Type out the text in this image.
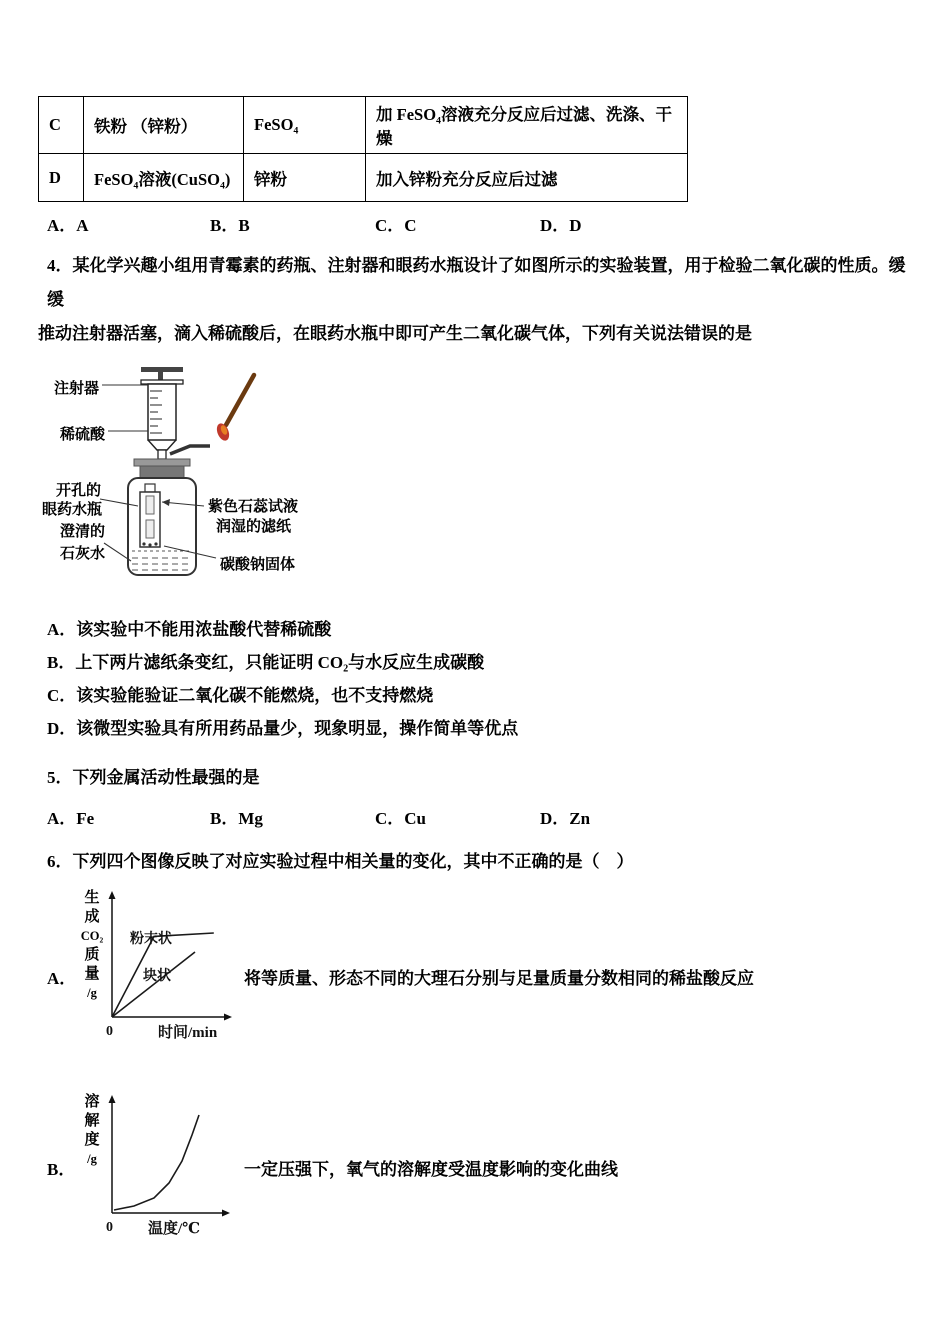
C	铁粉 （锌粉）	FeSO₄	加 FeSO₄溶液充分反应后过滤、洗涤、干燥
D	FeSO₄溶液(CuSO₄)	锌粉	加入锌粉充分反应后过滤
A．A	B．B	C．C	D．D
4．某化学兴趣小组用青霉素的药瓶、注射器和眼药水瓶设计了如图所示的实验装置，用于检验二氧化碳的性质。缓缓
推动注射器活塞，滴入稀硫酸后，在眼药水瓶中即可产生二氧化碳气体，下列有关说法错误的是
注射器
稀硫酸
开孔的
眼药水瓶
澄清的
石灰水
紫色石蕊试液
润湿的滤纸
碳酸钠固体
A．该实验中不能用浓盐酸代替稀硫酸
B．上下两片滤纸条变红，只能证明 CO₂与水反应生成碳酸
C．该实验能验证二氧化碳不能燃烧，也不支持燃烧
D．该微型实验具有所用药品量少，现象明显，操作简单等优点
5．下列金属活动性最强的是
A．Fe	B．Mg	C．Cu	D．Zn
6．下列四个图像反映了对应实验过程中相关量的变化，其中不正确的是（　）
A．
生
成
CO₂
质
量
/g
粉末状
块状
0	时间/min
将等质量、形态不同的大理石分别与足量质量分数相同的稀盐酸反应
B．
溶
解
度
/g
0 温度/℃
一定压强下，氧气的溶解度受温度影响的变化曲线
